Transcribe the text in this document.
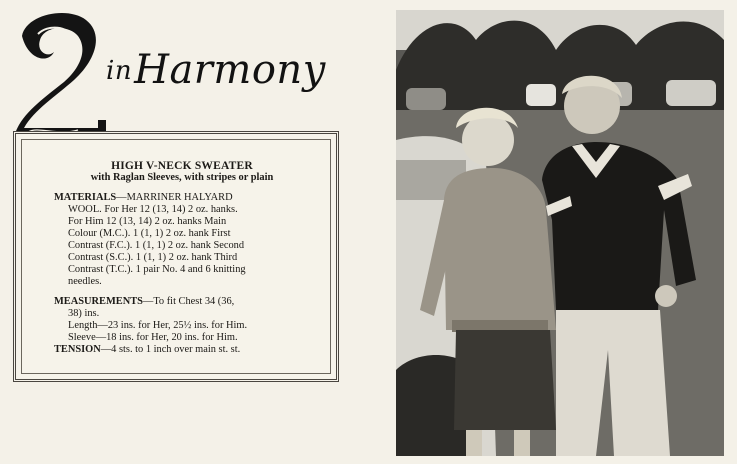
inHarmony
HIGH V-NECK SWEATER
with Raglan Sleeves, with stripes or plain
MATERIALS—MARRINER HALYARD
WOOL. For Her 12 (13, 14) 2 oz. hanks.
For Him 12 (13, 14) 2 oz. hanks Main
Colour (M.C.). 1 (1, 1) 2 oz. hank First
Contrast (F.C.). 1 (1, 1) 2 oz. hank Second
Contrast (S.C.). 1 (1, 1) 2 oz. hank Third
Contrast (T.C.). 1 pair No. 4 and 6 knitting
needles.
MEASUREMENTS—To fit Chest 34 (36,
38) ins.
Length—23 ins. for Her, 25½ ins. for Him.
Sleeve—18 ins. for Her, 20 ins. for Him.
TENSION—4 sts. to 1 inch over main st. st.
